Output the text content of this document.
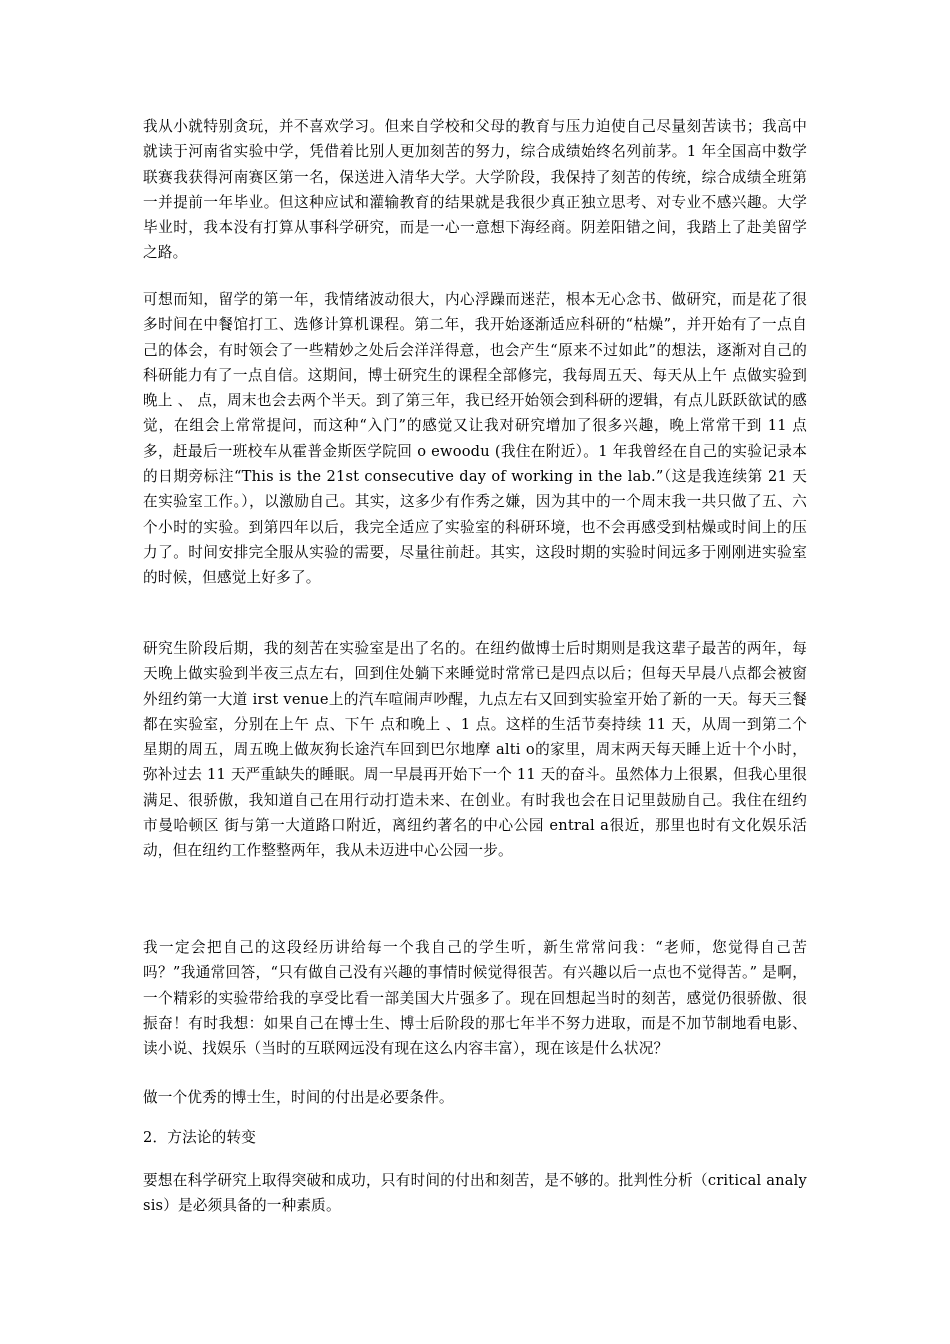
我从小就特别贪玩，并不喜欢学习。但来自学校和父母的教育与压力迫使自己尽量刻苦读书；我高中就读于河南省实验中学，凭借着比别人更加刻苦的努力，综合成绩始终名列前茅。1 年全国高中数学联赛我获得河南赛区第一名，保送进入清华大学。大学阶段，我保持了刻苦的传统，综合成绩全班第一并提前一年毕业。但这种应试和灌输教育的结果就是我很少真正独立思考、对专业不感兴趣。大学毕业时，我本没有打算从事科学研究，而是一心一意想下海经商。阴差阳错之间，我踏上了赴美留学之路。

可想而知，留学的第一年，我情绪波动很大，内心浮躁而迷茫，根本无心念书、做研究，而是花了很多时间在中餐馆打工、选修计算机课程。第二年，我开始逐渐适应科研的“枯燥”，并开始有了一点自己的体会，有时领会了一些精妙之处后会洋洋得意，也会产生“原来不过如此”的想法，逐渐对自己的科研能力有了一点自信。这期间，博士研究生的课程全部修完，我每周五天、每天从上午 点做实验到晚上 、 点，周末也会去两个半天。到了第三年，我已经开始领会到科研的逻辑，有点儿跃跃欲试的感觉，在组会上常常提问，而这种“入门”的感觉又让我对研究增加了很多兴趣，晚上常常干到 11 点多，赶最后一班校车从霍普金斯医学院回 o ewoodu (我住在附近）。1 年我曾经在自己的实验记录本的日期旁标注“This is the 21st consecutive day of working in the lab.”（这是我连续第 21 天在实验室工作。），以激励自己。其实，这多少有作秀之嫌，因为其中的一个周末我一共只做了五、六个小时的实验。到第四年以后，我完全适应了实验室的科研环境，也不会再感受到枯燥或时间上的压力了。时间安排完全服从实验的需要，尽量往前赶。其实，这段时期的实验时间远多于刚刚进实验室的时候，但感觉上好多了。

研究生阶段后期，我的刻苦在实验室是出了名的。在纽约做博士后时期则是我这辈子最苦的两年，每天晚上做实验到半夜三点左右，回到住处躺下来睡觉时常常已是四点以后；但每天早晨八点都会被窗外纽约第一大道 irst venue上的汽车喧闹声吵醒，九点左右又回到实验室开始了新的一天。每天三餐都在实验室，分别在上午 点、下午 点和晚上 、1 点。这样的生活节奏持续 11 天，从周一到第二个星期的周五，周五晚上做灰狗长途汽车回到巴尔地摩 alti o的家里，周末两天每天睡上近十个小时，弥补过去 11 天严重缺失的睡眠。周一早晨再开始下一个 11 天的奋斗。虽然体力上很累，但我心里很满足、很骄傲，我知道自己在用行动打造未来、在创业。有时我也会在日记里鼓励自己。我住在纽约市曼哈顿区 街与第一大道路口附近，离纽约著名的中心公园 entral a很近，那里也时有文化娱乐活动，但在纽约工作整整两年，我从未迈进中心公园一步。

我一定会把自己的这段经历讲给每一个我自己的学生听，新生常常问我：“老师，您觉得自己苦吗？”我通常回答，“只有做自己没有兴趣的事情时候觉得很苦。有兴趣以后一点也不觉得苦。” 是啊，一个精彩的实验带给我的享受比看一部美国大片强多了。现在回想起当时的刻苦，感觉仍很骄傲、很振奋！有时我想：如果自己在博士生、博士后阶段的那七年半不努力进取，而是不加节制地看电影、读小说、找娱乐（当时的互联网远没有现在这么内容丰富），现在该是什么状况？

做一个优秀的博士生，时间的付出是必要条件。

2．方法论的转变

要想在科学研究上取得突破和成功，只有时间的付出和刻苦，是不够的。批判性分析（critical analysis）是必须具备的一种素质。
